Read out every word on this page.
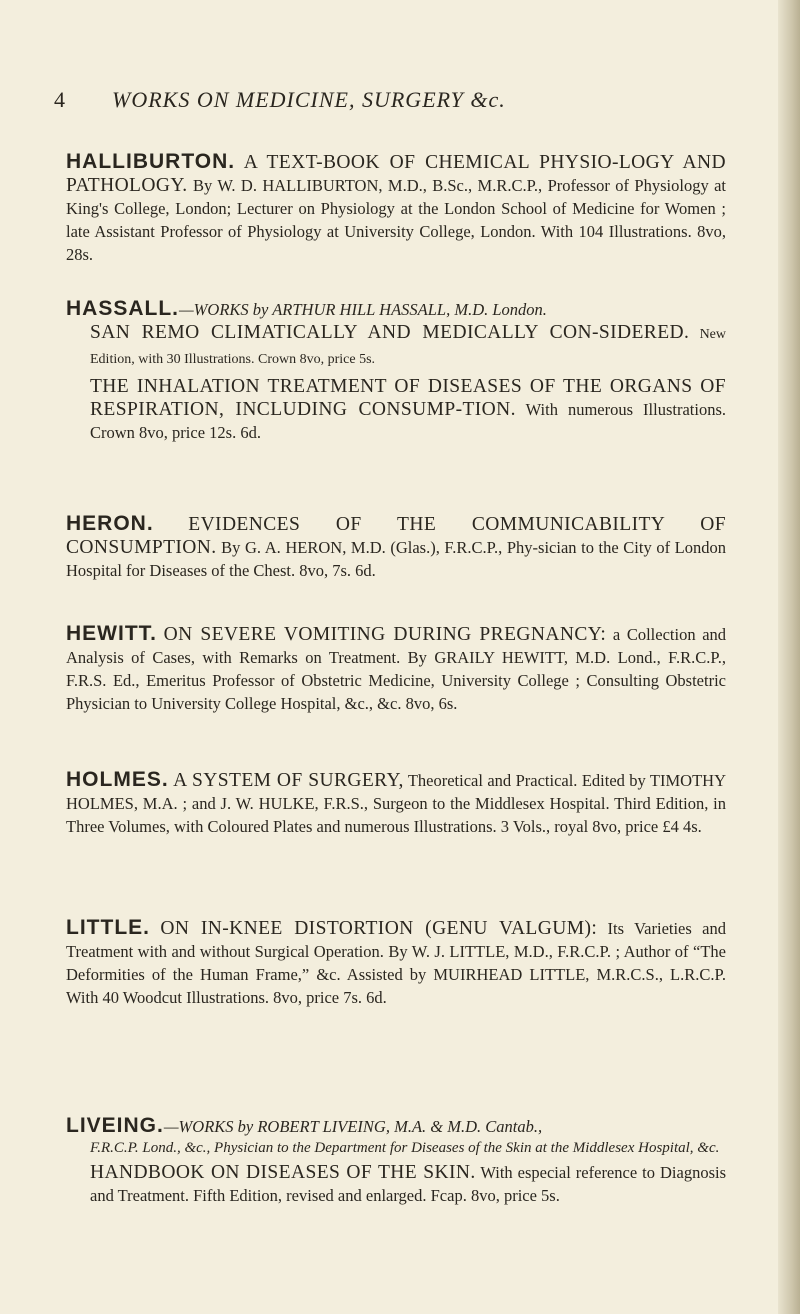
4 WORKS ON MEDICINE, SURGERY &c.

HALLIBURTON. A TEXT-BOOK OF CHEMICAL PHYSIO-LOGY AND PATHOLOGY. By W. D. HALLIBURTON, M.D., B.Sc., M.R.C.P., Professor of Physiology at King's College, London; Lecturer on Physiology at the London School of Medicine for Women ; late Assistant Professor of Physiology at University College, London. With 104 Illustrations. 8vo, 28s.

HASSALL.—WORKS by ARTHUR HILL HASSALL, M.D. London.

SAN REMO CLIMATICALLY AND MEDICALLY CON-SIDERED. New Edition, with 30 Illustrations. Crown 8vo, price 5s.

THE INHALATION TREATMENT OF DISEASES OF THE ORGANS OF RESPIRATION, INCLUDING CONSUMP-TION. With numerous Illustrations. Crown 8vo, price 12s. 6d.

HERON. EVIDENCES OF THE COMMUNICABILITY OF CONSUMPTION. By G. A. HERON, M.D. (Glas.), F.R.C.P., Phy-sician to the City of London Hospital for Diseases of the Chest. 8vo, 7s. 6d.

HEWITT. ON SEVERE VOMITING DURING PREGNANCY: a Collection and Analysis of Cases, with Remarks on Treatment. By GRAILY HEWITT, M.D. Lond., F.R.C.P., F.R.S. Ed., Emeritus Professor of Obstetric Medicine, University College ; Consulting Obstetric Physician to University College Hospital, &c., &c. 8vo, 6s.

HOLMES. A SYSTEM OF SURGERY, Theoretical and Practical. Edited by TIMOTHY HOLMES, M.A. ; and J. W. HULKE, F.R.S., Surgeon to the Middlesex Hospital. Third Edition, in Three Volumes, with Coloured Plates and numerous Illustrations. 3 Vols., royal 8vo, price £4 4s.

LITTLE. ON IN-KNEE DISTORTION (GENU VALGUM): Its Varieties and Treatment with and without Surgical Operation. By W. J. LITTLE, M.D., F.R.C.P. ; Author of “The Deformities of the Human Frame,” &c. Assisted by MUIRHEAD LITTLE, M.R.C.S., L.R.C.P. With 40 Woodcut Illustrations. 8vo, price 7s. 6d.

LIVEING.—WORKS by ROBERT LIVEING, M.A. & M.D. Cantab.,

F.R.C.P. Lond., &c., Physician to the Department for Diseases of the Skin at the Middlesex Hospital, &c.

HANDBOOK ON DISEASES OF THE SKIN. With especial reference to Diagnosis and Treatment. Fifth Edition, revised and enlarged. Fcap. 8vo, price 5s.
